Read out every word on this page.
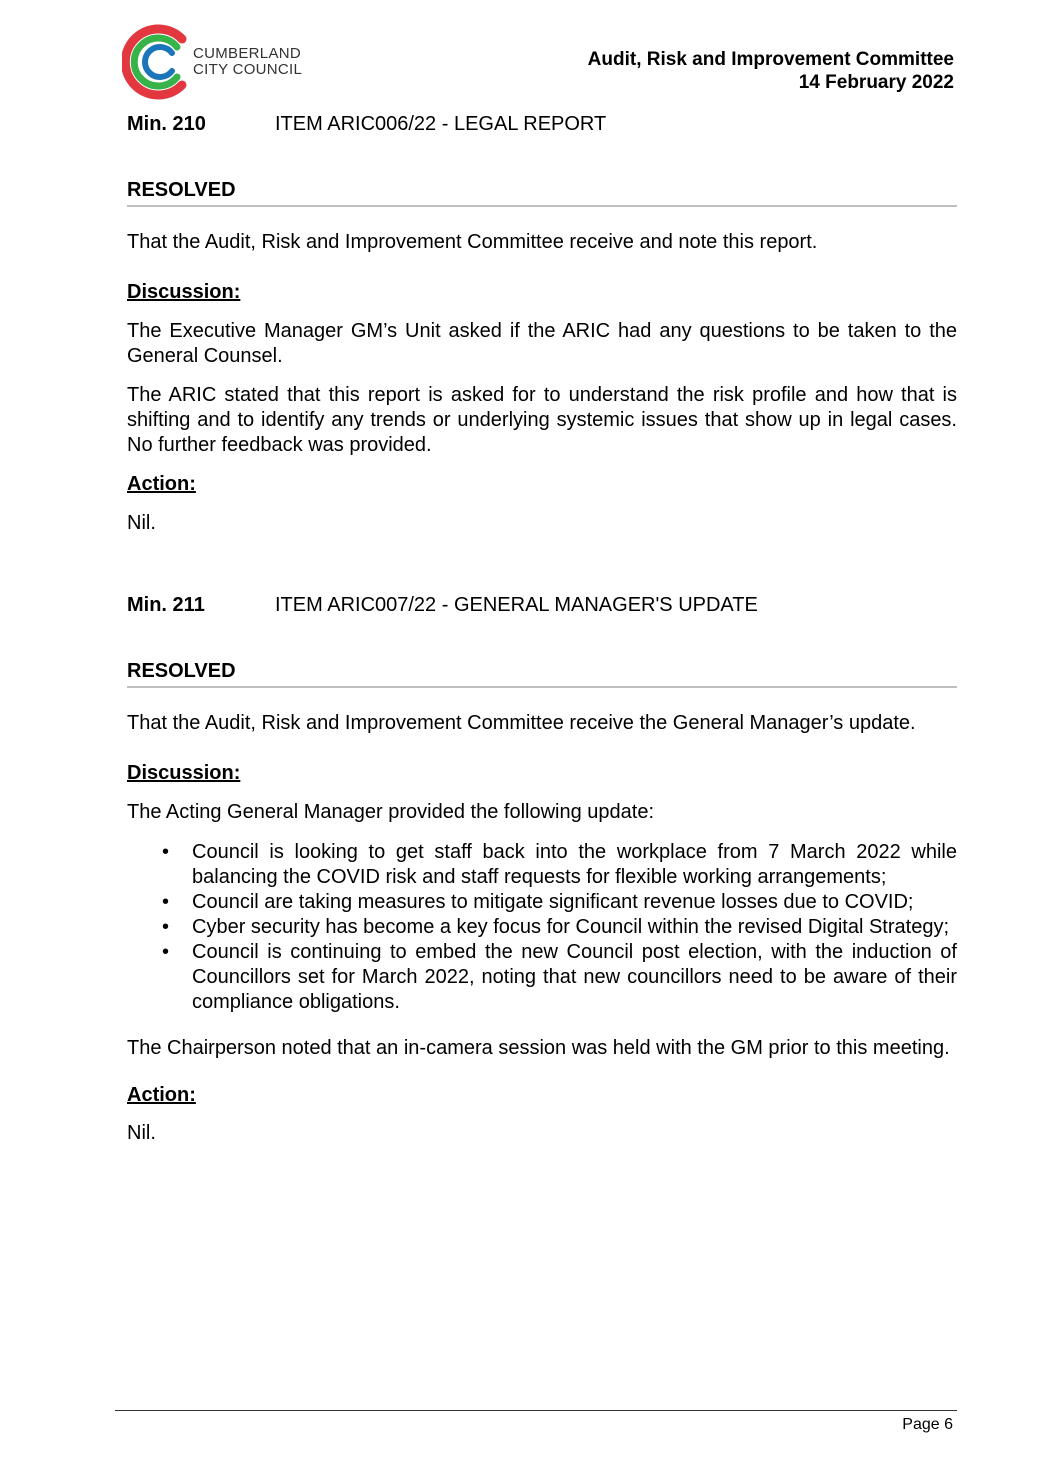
CUMBERLAND
CITY COUNCIL	Audit, Risk and Improvement Committee
14 February 2022
Min. 210	ITEM ARIC006/22 - LEGAL REPORT
RESOLVED

That the Audit, Risk and Improvement Committee receive and note this report.

Discussion:

The Executive Manager GM’s Unit asked if the ARIC had any questions to be taken to the General Counsel.

The ARIC stated that this report is asked for to understand the risk profile and how that is shifting and to identify any trends or underlying systemic issues that show up in legal cases. No further feedback was provided.

Action:

Nil.

Min. 211	ITEM ARIC007/22 - GENERAL MANAGER'S UPDATE
RESOLVED

That the Audit, Risk and Improvement Committee receive the General Manager’s update.

Discussion:

The Acting General Manager provided the following update:

• Council is looking to get staff back into the workplace from 7 March 2022 while balancing the COVID risk and staff requests for flexible working arrangements;
• Council are taking measures to mitigate significant revenue losses due to COVID;
• Cyber security has become a key focus for Council within the revised Digital Strategy;
• Council is continuing to embed the new Council post election, with the induction of Councillors set for March 2022, noting that new councillors need to be aware of their compliance obligations.

The Chairperson noted that an in-camera session was held with the GM prior to this meeting.

Action:

Nil.

Page 6
